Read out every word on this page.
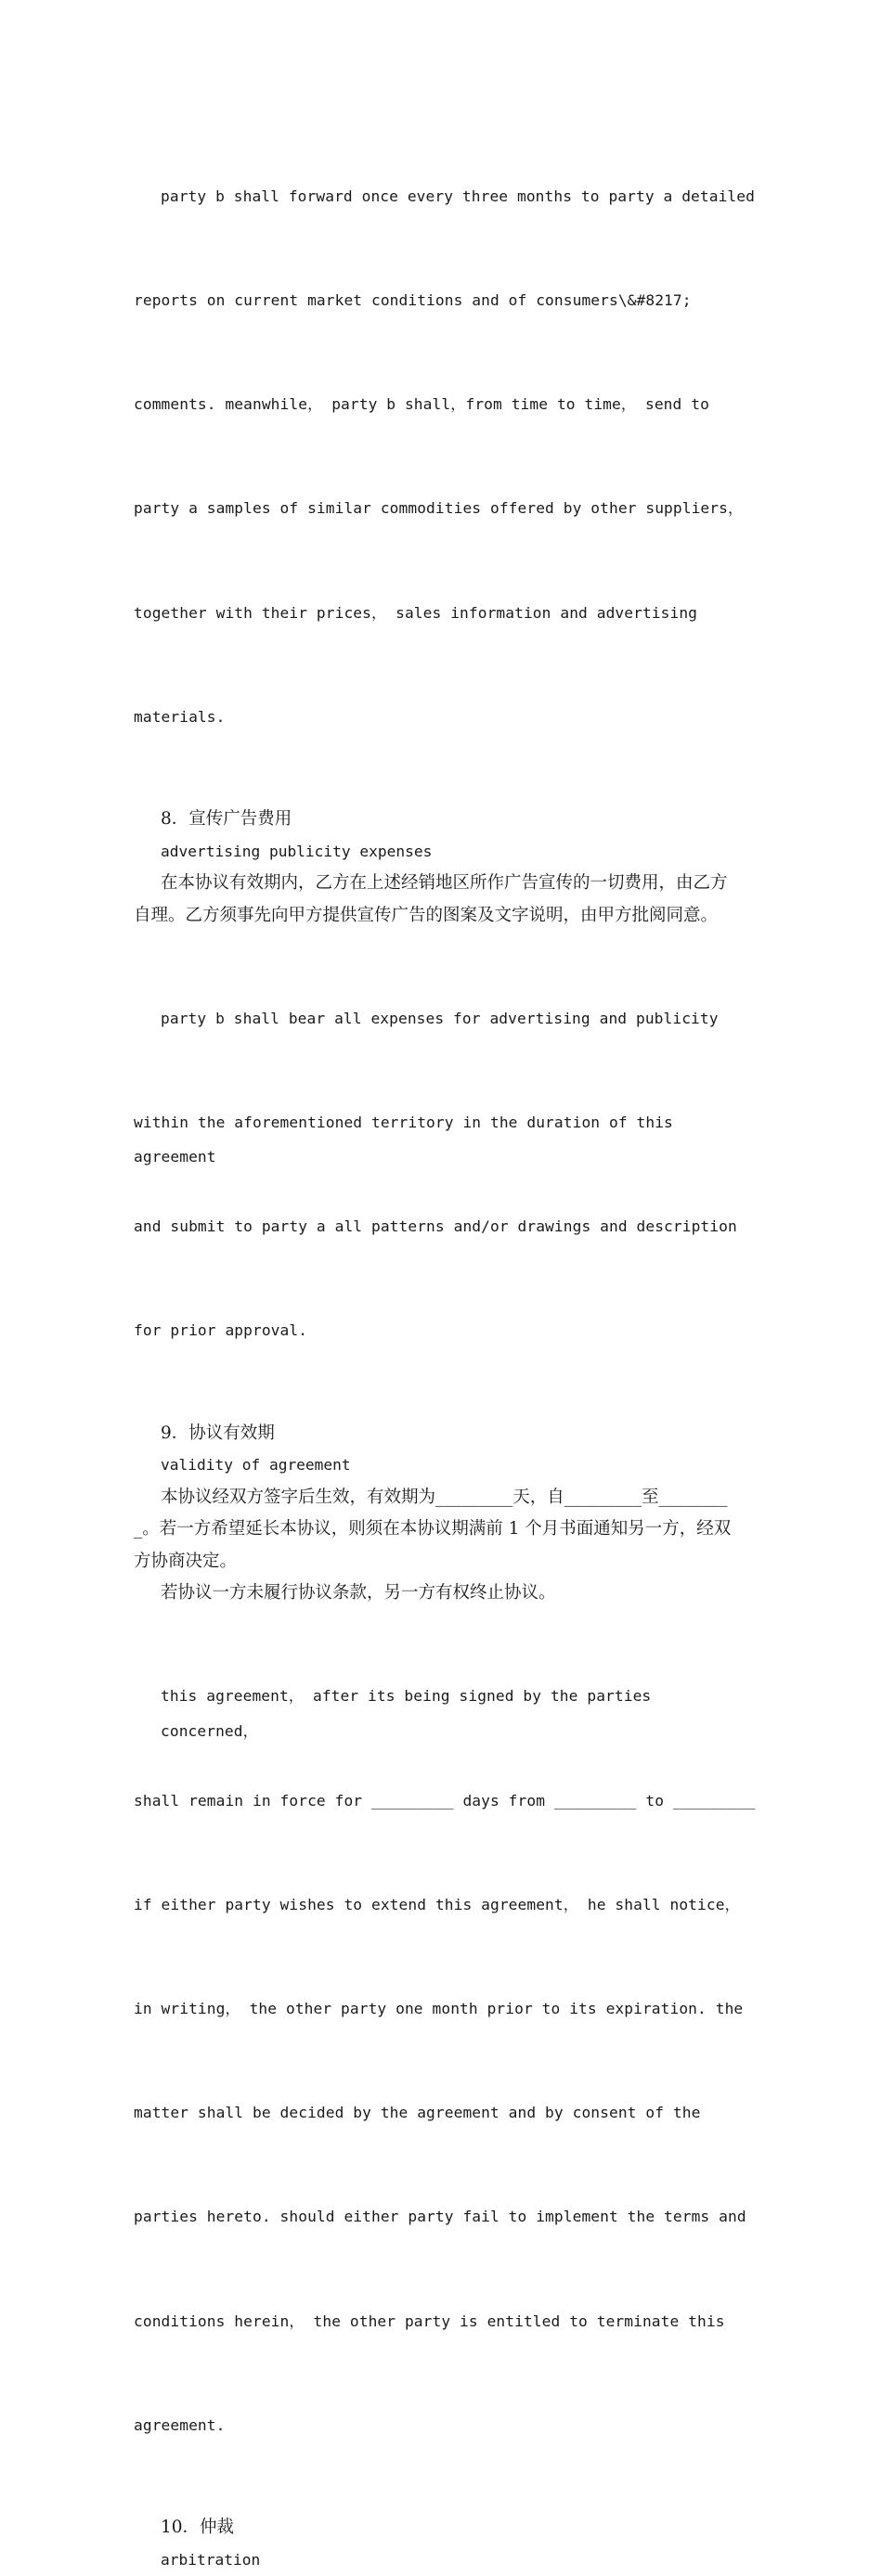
party b shall forward once every three months to party a detailed

reports on current market conditions and of consumers\&#8217;

comments. meanwhile， party b shall，from time to time， send to

party a samples of similar commodities offered by other suppliers，

together with their prices， sales information and advertising

materials.

8．宣传广告费用
advertising publicity expenses
在本协议有效期内，乙方在上述经销地区所作广告宣传的一切费用，由乙方
自理。乙方须事先向甲方提供宣传广告的图案及文字说明，由甲方批阅同意。

party b shall bear all expenses for advertising and publicity

within the aforementioned territory in the duration of this agreement

and submit to party a all patterns and/or drawings and description

for prior approval.

9．协议有效期
validity of agreement
本协议经双方签字后生效，有效期为_________天，自_________至________
_。若一方希望延长本协议，则须在本协议期满前 1 个月书面通知另一方，经双
方协商决定。
若协议一方未履行协议条款，另一方有权终止协议。

this agreement， after its being signed by the parties concerned，

shall remain in force for _________ days from _________ to _________

if either party wishes to extend this agreement， he shall notice，

in writing， the other party one month prior to its expiration. the

matter shall be decided by the agreement and by consent of the

parties hereto. should either party fail to implement the terms and

conditions herein， the other party is entitled to terminate this

agreement.

10．仲裁
arbitration
